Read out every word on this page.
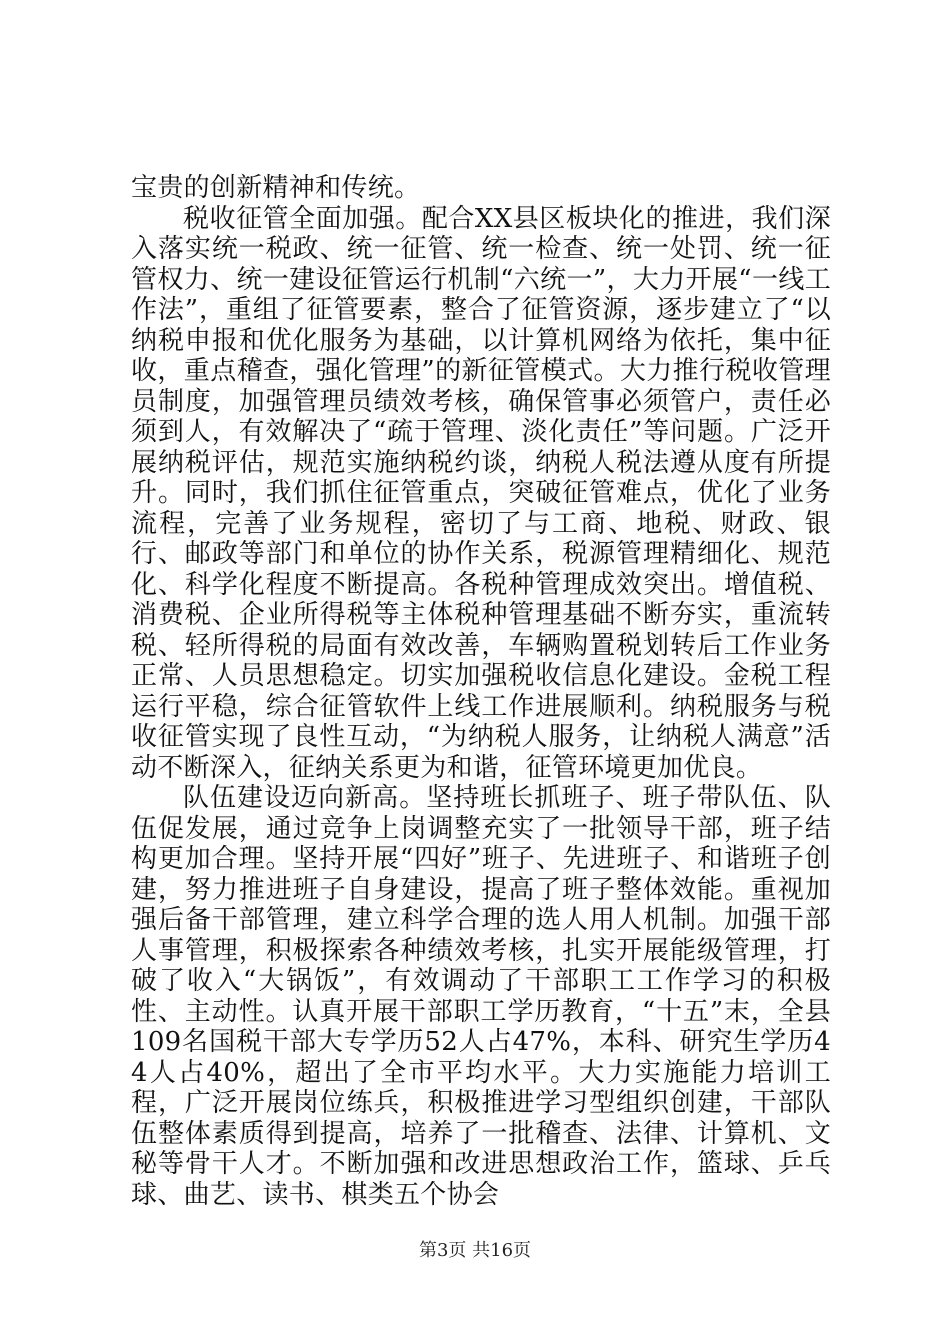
宝贵的创新精神和传统。

税收征管全面加强。配合XX县区板块化的推进，我们深入落实统一税政、统一征管、统一检查、统一处罚、统一征管权力、统一建设征管运行机制“六统一”，大力开展“一线工作法”，重组了征管要素，整合了征管资源，逐步建立了“以纳税申报和优化服务为基础，以计算机网络为依托，集中征收，重点稽查，强化管理”的新征管模式。大力推行税收管理员制度，加强管理员绩效考核，确保管事必须管户，责任必须到人，有效解决了“疏于管理、淡化责任”等问题。广泛开展纳税评估，规范实施纳税约谈，纳税人税法遵从度有所提升。同时，我们抓住征管重点，突破征管难点，优化了业务流程，完善了业务规程，密切了与工商、地税、财政、银行、邮政等部门和单位的协作关系，税源管理精细化、规范化、科学化程度不断提高。各税种管理成效突出。增值税、消费税、企业所得税等主体税种管理基础不断夯实，重流转税、轻所得税的局面有效改善，车辆购置税划转后工作业务正常、人员思想稳定。切实加强税收信息化建设。金税工程运行平稳，综合征管软件上线工作进展顺利。纳税服务与税收征管实现了良性互动，“为纳税人服务，让纳税人满意”活动不断深入，征纳关系更为和谐，征管环境更加优良。

队伍建设迈向新高。坚持班长抓班子、班子带队伍、队伍促发展，通过竞争上岗调整充实了一批领导干部，班子结构更加合理。坚持开展“四好”班子、先进班子、和谐班子创建，努力推进班子自身建设，提高了班子整体效能。重视加强后备干部管理，建立科学合理的选人用人机制。加强干部人事管理，积极探索各种绩效考核，扎实开展能级管理，打破了收入“大锅饭”，有效调动了干部职工工作学习的积极性、主动性。认真开展干部职工学历教育，“十五”末，全县109名国税干部大专学历52人占47%，本科、研究生学历44人占40%，超出了全市平均水平。大力实施能力培训工程，广泛开展岗位练兵，积极推进学习型组织创建，干部队伍整体素质得到提高，培养了一批稽查、法律、计算机、文秘等骨干人才。不断加强和改进思想政治工作，篮球、乒乓球、曲艺、读书、棋类五个协会

第3页 共16页
